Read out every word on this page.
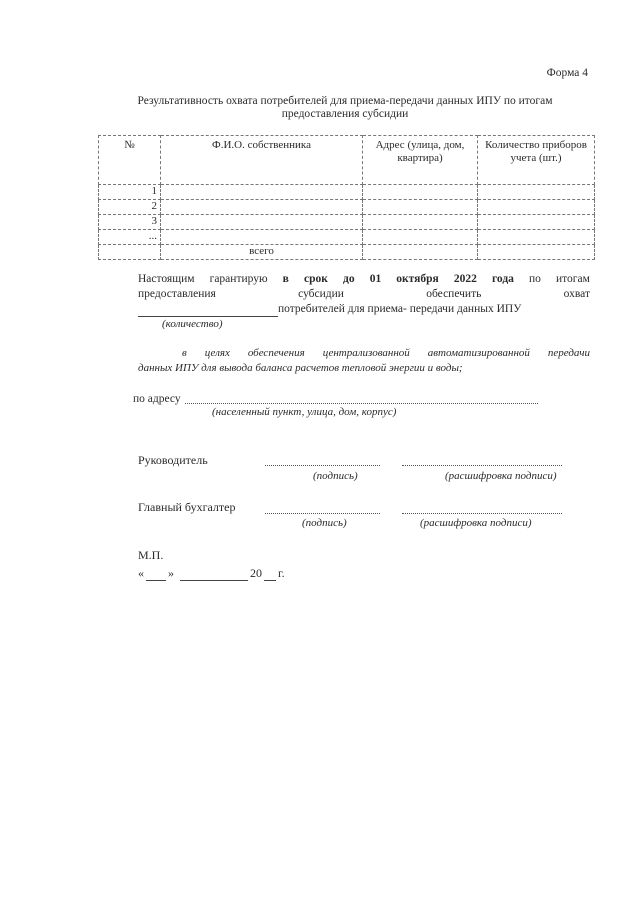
Форма 4
Результативность охвата потребителей для приема-передачи данных ИПУ по итогам
предоставления субсидии
№	Ф.И.О. собственника	Адрес (улица, дом, квартира)	Количество приборов учета (шт.)
1			
2			
3			
...			
	всего		
Настоящим гарантирую в срок до 01 октября 2022 года по итогам
предоставления	субсидии	обеспечить	охват
потребителей для приема- передачи данных ИПУ
(количество)
в целях обеспечения централизованной автоматизированной передачи
данных ИПУ для вывода баланса расчетов тепловой энергии и воды;
по адресу
(населенный пункт, улица, дом, корпус)
Руководитель
(подпись)	(расшифровка подписи)
Главный бухгалтер
(подпись)	(расшифровка подписи)
М.П.
« »	20 г.
